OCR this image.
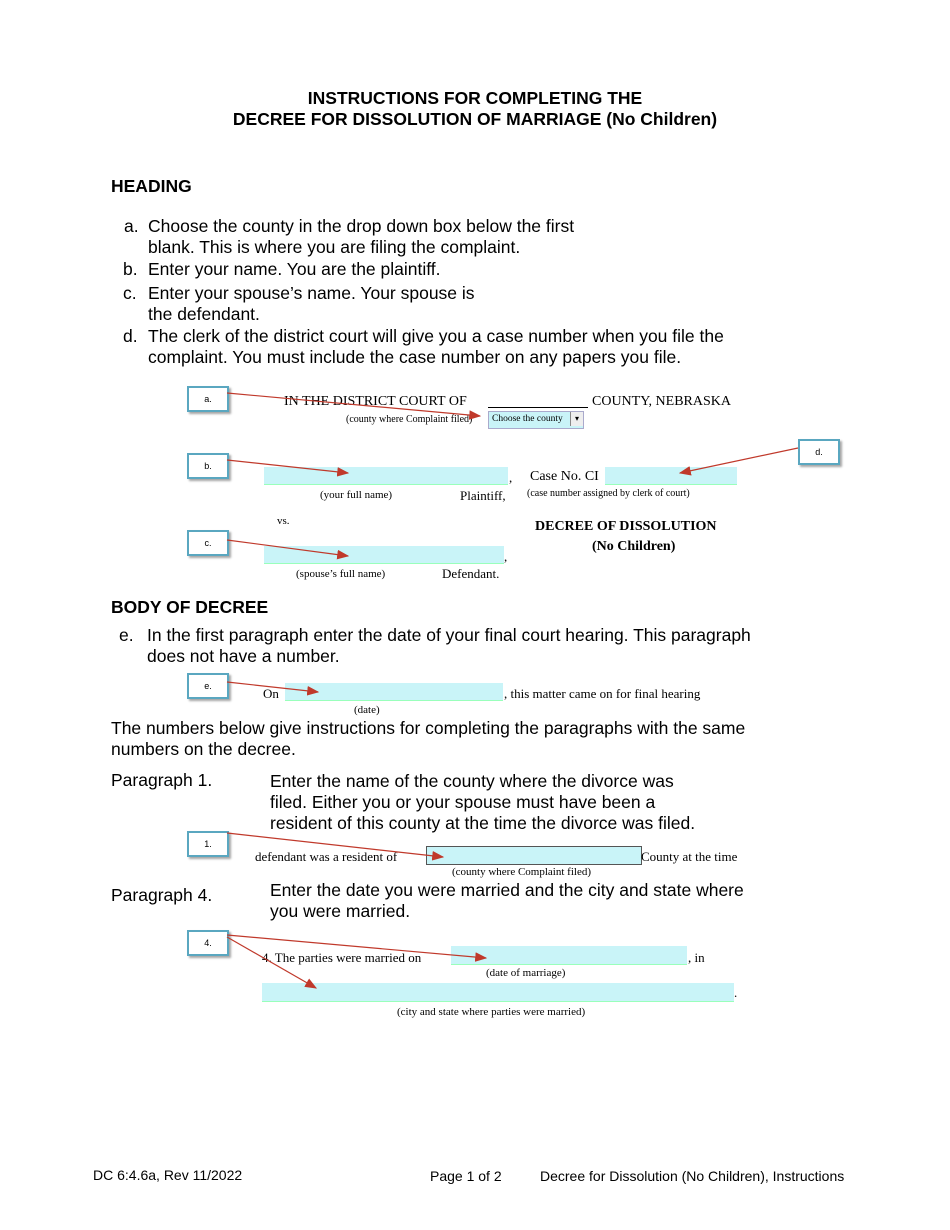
INSTRUCTIONS FOR COMPLETING THE
DECREE FOR DISSOLUTION OF MARRIAGE (No Children)
HEADING
a. Choose the county in the drop down box below the first
blank. This is where you are filing the complaint.
b. Enter your name. You are the plaintiff.
c. Enter your spouse’s name. Your spouse is
the defendant.
d. The clerk of the district court will give you a case number when you file the
complaint. You must include the case number on any papers you file.
a.	IN THE DISTRICT COURT OF	COUNTY, NEBRASKA
(county where Complaint filed) Choose the county	▾
b.
, Case No. CI
d.
(your full name)	Plaintiff, (case number assigned by clerk of court)
vs.	DECREE OF DISSOLUTION
(No Children)
c.
,
(spouse’s full name)	Defendant.
BODY OF DECREE
e. In the first paragraph enter the date of your final court hearing. This paragraph
does not have a number.
e.	On	, this matter came on for final hearing
(date)
The numbers below give instructions for completing the paragraphs with the same
numbers on the decree.
Paragraph 1.	Enter the name of the county where the divorce was
filed. Either you or your spouse must have been a
resident of this county at the time the divorce was filed.
1.
defendant was a resident of	County at the time
(county where Complaint filed)
Paragraph 4.	Enter the date you were married and the city and state where
you were married.
4.
4. The parties were married on	, in
(date of marriage)
.
(city and state where parties were married)
DC 6:4.6a, Rev 11/2022	Page 1 of 2	Decree for Dissolution (No Children), Instructions
